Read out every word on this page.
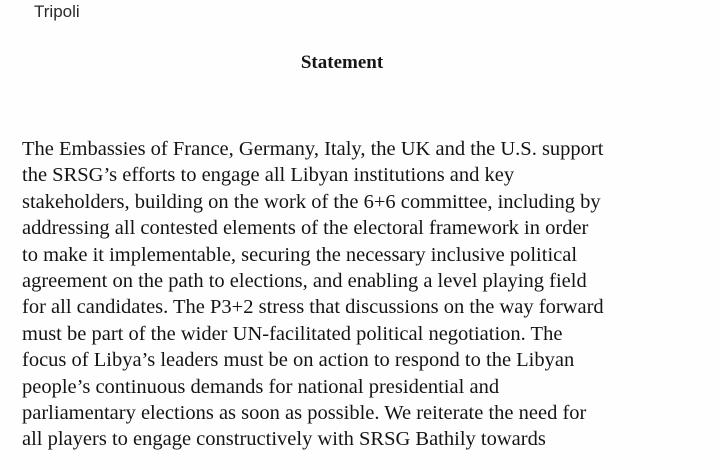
Tripoli

Statement

The Embassies of France, Germany, Italy, the UK and the U.S. support
the SRSG’s efforts to engage all Libyan institutions and key
stakeholders, building on the work of the 6+6 committee, including by
addressing all contested elements of the electoral framework in order
to make it implementable, securing the necessary inclusive political
agreement on the path to elections, and enabling a level playing field
for all candidates. The P3+2 stress that discussions on the way forward
must be part of the wider UN-facilitated political negotiation. The
focus of Libya’s leaders must be on action to respond to the Libyan
people’s continuous demands for national presidential and
parliamentary elections as soon as possible. We reiterate the need for
all players to engage constructively with SRSG Bathily towards
